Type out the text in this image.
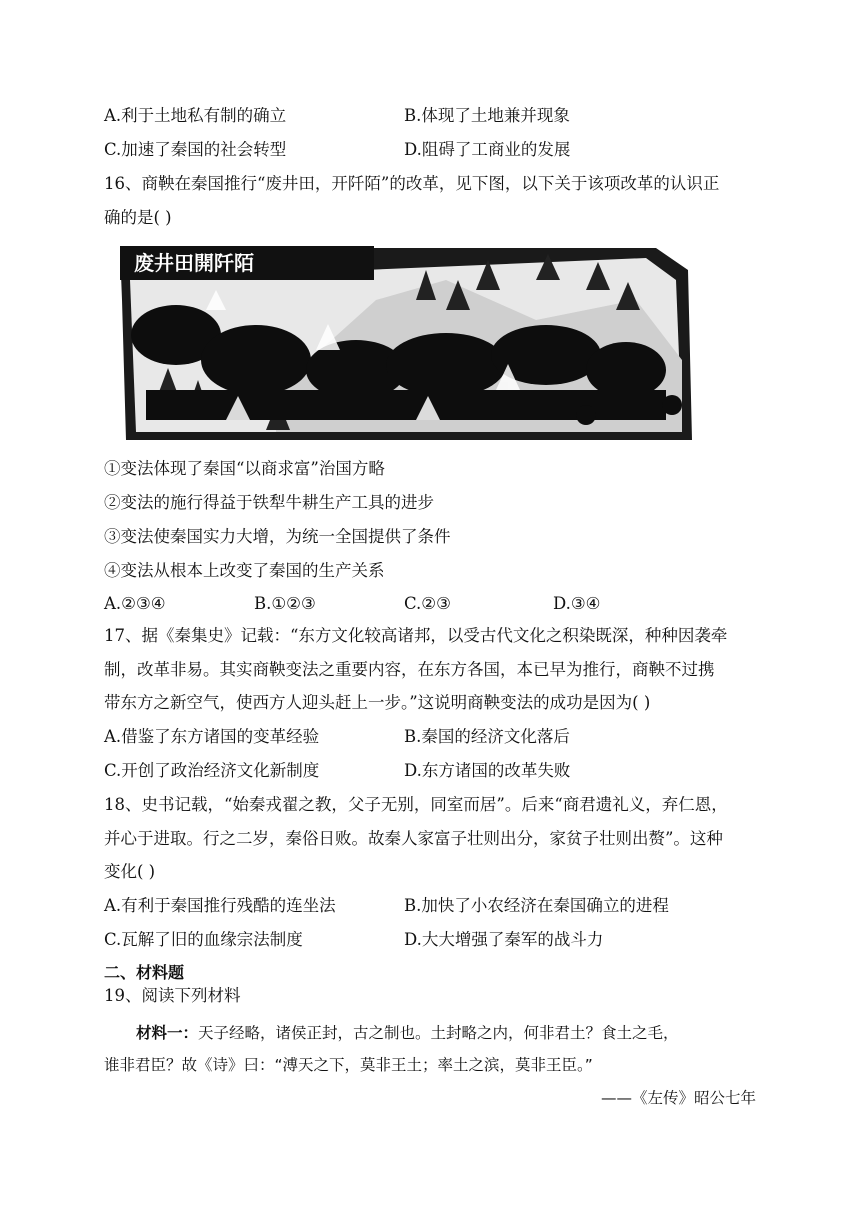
A.利于土地私有制的确立	B.体现了土地兼并现象
C.加速了秦国的社会转型	D.阻碍了工商业的发展
16、商鞅在秦国推行“废井田，开阡陌”的改革，见下图，以下关于该项改革的认识正
确的是( )
废井田開阡陌
①变法体现了秦国“以商求富”治国方略
②变法的施行得益于铁犁牛耕生产工具的进步
③变法使秦国实力大增，为统一全国提供了条件
④变法从根本上改变了秦国的生产关系
A.②③④	B.①②③	C.②③	D.③④
17、据《秦集史》记载：“东方文化较高诸邦，以受古代文化之积染既深，种种因袭牵
制，改革非易。其实商鞅变法之重要内容，在东方各国，本已早为推行，商鞅不过携
带东方之新空气，使西方人迎头赶上一步。”这说明商鞅变法的成功是因为( )
A.借鉴了东方诸国的变革经验	B.秦国的经济文化落后
C.开创了政治经济文化新制度	D.东方诸国的改革失败
18、史书记载，“始秦戎翟之教，父子无别，同室而居”。后来“商君遗礼义，弃仁恩，
并心于进取。行之二岁，秦俗日败。故秦人家富子壮则出分，家贫子壮则出赘”。这种
变化( )
A.有利于秦国推行残酷的连坐法	B.加快了小农经济在秦国确立的进程
C.瓦解了旧的血缘宗法制度	D.大大增强了秦军的战斗力
二、材料题
19、阅读下列材料
材料一：天子经略，诸侯正封，古之制也。土封略之内，何非君土？食土之毛，
谁非君臣？故《诗》曰：“溥天之下，莫非王土；率土之滨，莫非王臣。”
——《左传》昭公七年
